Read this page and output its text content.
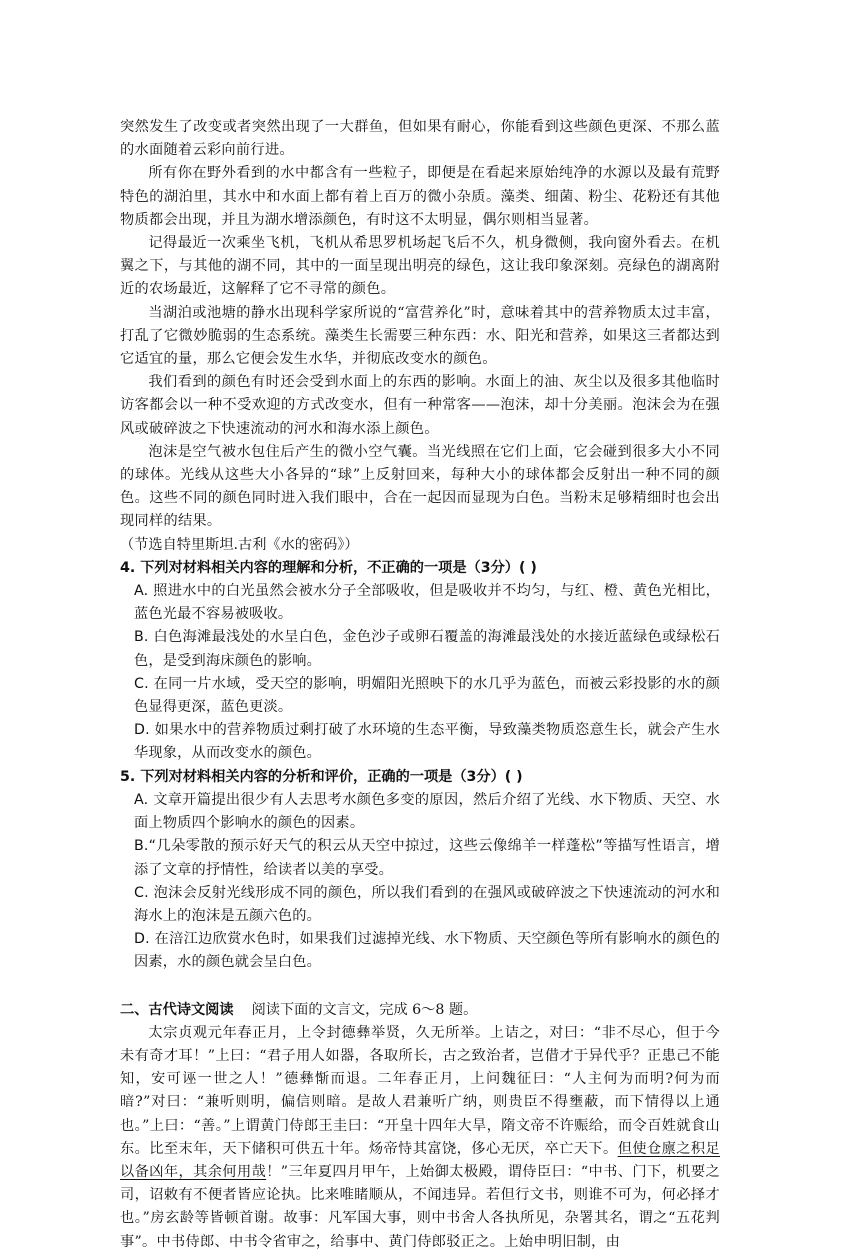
突然发生了改变或者突然出现了一大群鱼，但如果有耐心，你能看到这些颜色更深、不那么蓝的水面随着云彩向前行进。

所有你在野外看到的水中都含有一些粒子，即便是在看起来原始纯净的水源以及最有荒野特色的湖泊里，其水中和水面上都有着上百万的微小杂质。藻类、细菌、粉尘、花粉还有其他物质都会出现，并且为湖水增添颜色，有时这不太明显，偶尔则相当显著。

记得最近一次乘坐飞机，飞机从希思罗机场起飞后不久，机身微侧，我向窗外看去。在机翼之下，与其他的湖不同，其中的一面呈现出明亮的绿色，这让我印象深刻。亮绿色的湖离附近的农场最近，这解释了它不寻常的颜色。

当湖泊或池塘的静水出现科学家所说的“富营养化”时，意味着其中的营养物质太过丰富，打乱了它微妙脆弱的生态系统。藻类生长需要三种东西：水、阳光和营养，如果这三者都达到它适宜的量，那么它便会发生水华，并彻底改变水的颜色。

我们看到的颜色有时还会受到水面上的东西的影响。水面上的油、灰尘以及很多其他临时访客都会以一种不受欢迎的方式改变水，但有一种常客——泡沫，却十分美丽。泡沫会为在强风或破碎波之下快速流动的河水和海水添上颜色。

泡沫是空气被水包住后产生的微小空气囊。当光线照在它们上面，它会碰到很多大小不同的球体。光线从这些大小各异的“球”上反射回来，每种大小的球体都会反射出一种不同的颜色。这些不同的颜色同时进入我们眼中，合在一起因而显现为白色。当粉末足够精细时也会出现同样的结果。

（节选自特里斯坦.古利《水的密码》）

4. 下列对材料相关内容的理解和分析，不正确的一项是（3分）( )

A. 照进水中的白光虽然会被水分子全部吸收，但是吸收并不均匀，与红、橙、黄色光相比，蓝色光最不容易被吸收。

B. 白色海滩最浅处的水呈白色，金色沙子或卵石覆盖的海滩最浅处的水接近蓝绿色或绿松石色，是受到海床颜色的影响。

C. 在同一片水域，受天空的影响，明媚阳光照映下的水几乎为蓝色，而被云彩投影的水的颜色显得更深，蓝色更淡。

D. 如果水中的营养物质过剩打破了水环境的生态平衡，导致藻类物质恣意生长，就会产生水华现象，从而改变水的颜色。

5. 下列对材料相关内容的分析和评价，正确的一项是（3分）( )

A. 文章开篇提出很少有人去思考水颜色多变的原因，然后介绍了光线、水下物质、天空、水面上物质四个影响水的颜色的因素。

B.“几朵零散的预示好天气的积云从天空中掠过，这些云像绵羊一样蓬松”等描写性语言，增添了文章的抒情性，给读者以美的享受。

C. 泡沫会反射光线形成不同的颜色，所以我们看到的在强风或破碎波之下快速流动的河水和海水上的泡沫是五颜六色的。

D. 在涪江边欣赏水色时，如果我们过滤掉光线、水下物质、天空颜色等所有影响水的颜色的因素，水的颜色就会呈白色。

二、古代诗文阅读 阅读下面的文言文，完成 6～8 题。

太宗贞观元年春正月，上令封德彝举贤，久无所举。上诘之，对曰：“非不尽心，但于今未有奇才耳！”上曰：“君子用人如器，各取所长，古之致治者，岂借才于异代乎？正患己不能知，安可诬一世之人！”德彝惭而退。二年春正月，上问魏征曰：“人主何为而明?何为而暗?”对曰：“兼听则明，偏信则暗。是故人君兼听广纳，则贵臣不得壅蔽，而下情得以上通也。”上曰：“善。”上谓黄门侍郎王圭曰：“开皇十四年大旱，隋文帝不许赈给，而令百姓就食山东。比至末年，天下储积可供五十年。炀帝恃其富饶，侈心无厌，卒亡天下。但使仓廪之积足以备凶年，其余何用哉！”三年夏四月甲午，上始御太极殿，谓侍臣曰：“中书、门下，机要之司，诏敕有不便者皆应论执。比来唯睹顺从，不闻违异。若但行文书，则谁不可为，何必择才也。”房玄龄等皆顿首谢。故事：凡军国大事，则中书舍人各执所见，杂署其名，谓之“五花判事”。中书侍郎、中书令省审之，给事中、黄门侍郎驳正之。上始申明旧制，由
